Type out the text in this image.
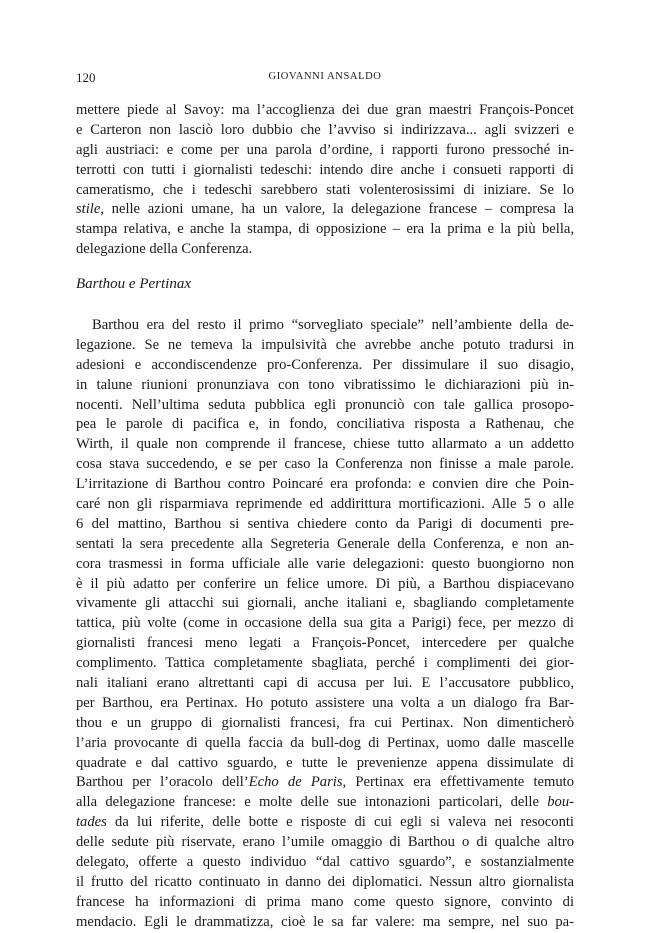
120	GIOVANNI ANSALDO
mettere piede al Savoy: ma l’accoglienza dei due gran maestri François-Poncet
e Carteron non lasciò loro dubbio che l’avviso si indirizzava... agli svizzeri e
agli austriaci: e come per una parola d’ordine, i rapporti furono pressoché in-
terrotti con tutti i giornalisti tedeschi: intendo dire anche i consueti rapporti di
cameratismo, che i tedeschi sarebbero stati volenterosissimi di iniziare. Se lo
stile, nelle azioni umane, ha un valore, la delegazione francese – compresa la
stampa relativa, e anche la stampa, di opposizione – era la prima e la più bella,
delegazione della Conferenza.
Barthou e Pertinax
Barthou era del resto il primo “sorvegliato speciale” nell’ambiente della de-
legazione. Se ne temeva la impulsività che avrebbe anche potuto tradursi in
adesioni e accondiscendenze pro-Conferenza. Per dissimulare il suo disagio,
in talune riunioni pronunziava con tono vibratissimo le dichiarazioni più in-
nocenti. Nell’ultima seduta pubblica egli pronunciò con tale gallica prosopo-
pea le parole di pacifica e, in fondo, conciliativa risposta a Rathenau, che
Wirth, il quale non comprende il francese, chiese tutto allarmato a un addetto
cosa stava succedendo, e se per caso la Conferenza non finisse a male parole.
L’irritazione di Barthou contro Poincaré era profonda: e convien dire che Poin-
caré non gli risparmiava reprimende ed addirittura mortificazioni. Alle 5 o alle
6 del mattino, Barthou si sentiva chiedere conto da Parigi di documenti pre-
sentati la sera precedente alla Segreteria Generale della Conferenza, e non an-
cora trasmessi in forma ufficiale alle varie delegazioni: questo buongiorno non
è il più adatto per conferire un felice umore. Di più, a Barthou dispiacevano
vivamente gli attacchi sui giornali, anche italiani e, sbagliando completamente
tattica, più volte (come in occasione della sua gita a Parigi) fece, per mezzo di
giornalisti francesi meno legati a François-Poncet, intercedere per qualche
complimento. Tattica completamente sbagliata, perché i complimenti dei gior-
nali italiani erano altrettanti capi di accusa per lui. E l’accusatore pubblico,
per Barthou, era Pertinax. Ho potuto assistere una volta a un dialogo fra Bar-
thou e un gruppo di giornalisti francesi, fra cui Pertinax. Non dimenticherò
l’aria provocante di quella faccia da bull-dog di Pertinax, uomo dalle mascelle
quadrate e dal cattivo sguardo, e tutte le prevenienze appena dissimulate di
Barthou per l’oracolo dell’Echo de Paris, Pertinax era effettivamente temuto
alla delegazione francese: e molte delle sue intonazioni particolari, delle bou-
tades da lui riferite, delle botte e risposte di cui egli si valeva nei resoconti
delle sedute più riservate, erano l’umile omaggio di Barthou o di qualche altro
delegato, offerte a questo individuo “dal cattivo sguardo”, e sostanzialmente
il frutto del ricatto continuato in danno dei diplomatici. Nessun altro giornalista
francese ha informazioni di prima mano come questo signore, convinto di
mendacio. Egli le drammatizza, cioè le sa far valere: ma sempre, nel suo pa-
